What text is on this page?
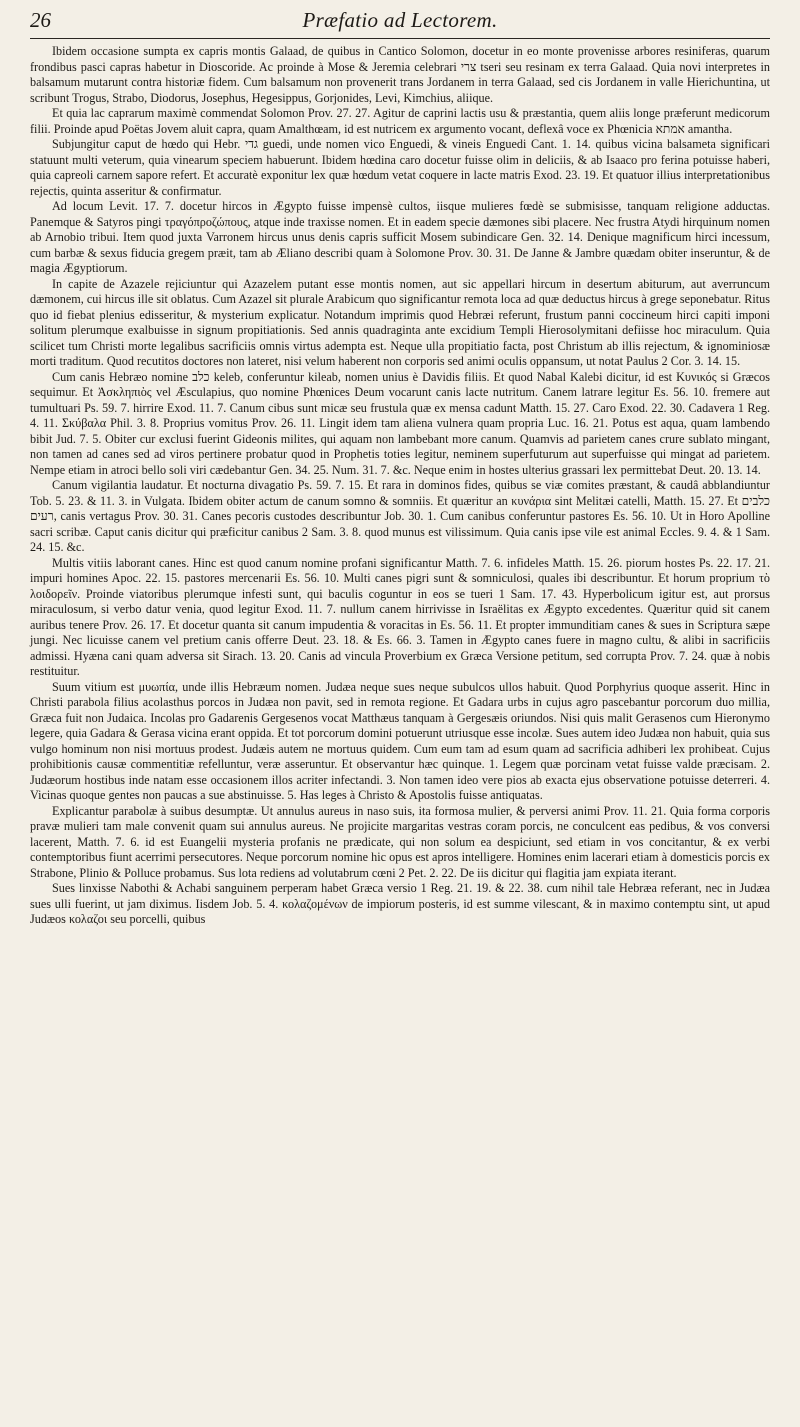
26	Præfatio ad Lectorem.

Ibidem occasione sumpta ex capris montis Galaad, de quibus in Cantico Solomon, docetur in eo monte provenisse arbores resiniferas, quarum frondibus pasci capras habetur in Dioscoride. Ac proinde à Mose & Jeremia celebrari צרי tseri seu resinam ex terra Galaad. Quia novi interpretes in balsamum mutarunt contra historiæ fidem. Cum balsamum non provenerit trans Jordanem in terra Galaad, sed cis Jordanem in valle Hierichuntina, ut scribunt Trogus, Strabo, Diodorus, Josephus, Hegesippus, Gorjonides, Levi, Kimchius, aliique.

Et quia lac caprarum maximè commendat Solomon Prov. 27. 27. Agitur de caprini lactis usu & præstantia, quem aliis longe præferunt medicorum filii. Proinde apud Poëtas Jovem aluit capra, quam Amalthœam, id est nutricem ex argumento vocant, deflexâ voce ex Phœnicia אמתא amantha.

Subjungitur caput de hœdo qui Hebr. גדי guedi, unde nomen vico Enguedi, & vineis Enguedi Cant. 1. 14. quibus vicina balsameta significari statuunt multi veterum, quia vinearum speciem habuerunt. Ibidem hœdina caro docetur fuisse olim in deliciis, & ab Isaaco pro ferina potuisse haberi, quia capreoli carnem sapore refert. Et accuratè exponitur lex quæ hœdum vetat coquere in lacte matris Exod. 23. 19. Et quatuor illius interpretationibus rejectis, quinta asseritur & confirmatur.

Ad locum Levit. 17. 7. docetur hircos in Ægypto fuisse impensè cultos, iisque mulieres fœdè se submisisse, tanquam religione adductas. Panemque & Satyros pingi τραγόπροζώπους, atque inde traxisse nomen. Et in eadem specie dæmones sibi placere. Nec frustra Atydi hirquinum nomen ab Arnobio tribui. Item quod juxta Varronem hircus unus denis capris sufficit Mosem subindicare Gen. 32. 14. Denique magnificum hirci incessum, cum barbæ & sexus fiducia gregem præit, tam ab Æliano describi quam à Solomone Prov. 30. 31. De Janne & Jambre quædam obiter inseruntur, & de magia Ægyptiorum.

In capite de Azazele rejiciuntur qui Azazelem putant esse montis nomen, aut sic appellari hircum in desertum abiturum, aut averruncum dæmonem, cui hircus ille sit oblatus. Cum Azazel sit plurale Arabicum quo significantur remota loca ad quæ deductus hircus à grege seponebatur. Ritus quo id fiebat plenius edisseritur, & mysterium explicatur. Notandum imprimis quod Hebræi referunt, frustum panni coccineum hirci capiti imponi solitum plerumque exalbuisse in signum propitiationis. Sed annis quadraginta ante excidium Templi Hierosolymitani defiisse hoc miraculum. Quia scilicet tum Christi morte legalibus sacrificiis omnis virtus adempta est. Neque ulla propitiatio facta, post Christum ab illis rejectum, & ignominiosæ morti traditum. Quod recutitos doctores non lateret, nisi velum haberent non corporis sed animi oculis oppansum, ut notat Paulus 2 Cor. 3. 14. 15.

Cum canis Hebræo nomine כלב keleb, conferuntur kileab, nomen unius è Davidis filiis. Et quod Nabal Kalebi dicitur, id est Κυνικός si Græcos sequimur. Et Ἀσκληπιὸς vel Æsculapius, quo nomine Phœnices Deum vocarunt canis lacte nutritum. Canem latrare legitur Es. 56. 10. fremere aut tumultuari Ps. 59. 7. hirrire Exod. 11. 7. Canum cibus sunt micæ seu frustula quæ ex mensa cadunt Matth. 15. 27. Caro Exod. 22. 30. Cadavera 1 Reg. 4. 11. Σκύβαλα Phil. 3. 8. Proprius vomitus Prov. 26. 11. Lingit idem tam aliena vulnera quam propria Luc. 16. 21. Potus est aqua, quam lambendo bibit Jud. 7. 5. Obiter cur exclusi fuerint Gideonis milites, qui aquam non lambebant more canum. Quamvis ad parietem canes crure sublato mingant, non tamen ad canes sed ad viros pertinere probatur quod in Prophetis toties legitur, neminem superfuturum aut superfuisse qui mingat ad parietem. Nempe etiam in atroci bello soli viri cædebantur Gen. 34. 25. Num. 31. 7. &c. Neque enim in hostes ulterius grassari lex permittebat Deut. 20. 13. 14.

Canum vigilantia laudatur. Et nocturna divagatio Ps. 59. 7. 15. Et rara in dominos fides, quibus se viæ comites præstant, & caudâ abblandiuntur Tob. 5. 23. & 11. 3. in Vulgata. Ibidem obiter actum de canum somno & somniis. Et quæritur an κυνάρια sint Melitæi catelli, Matth. 15. 27. Et כלבים רעים, canis vertagus Prov. 30. 31. Canes pecoris custodes describuntur Job. 30. 1. Cum canibus conferuntur pastores Es. 56. 10. Ut in Horo Apolline sacri scribæ. Caput canis dicitur qui præficitur canibus 2 Sam. 3. 8. quod munus est vilissimum. Quia canis ipse vile est animal Eccles. 9. 4. & 1 Sam. 24. 15. &c.

Multis vitiis laborant canes. Hinc est quod canum nomine profani significantur Matth. 7. 6. infideles Matth. 15. 26. piorum hostes Ps. 22. 17. 21. impuri homines Apoc. 22. 15. pastores mercenarii Es. 56. 10. Multi canes pigri sunt & somniculosi, quales ibi describuntur. Et horum proprium τὸ λοιδορεῖν. Proinde viatoribus plerumque infesti sunt, qui baculis coguntur in eos se tueri 1 Sam. 17. 43. Hyperbolicum igitur est, aut prorsus miraculosum, si verbo datur venia, quod legitur Exod. 11. 7. nullum canem hirrivisse in Israëlitas ex Ægypto excedentes. Quæritur quid sit canem auribus tenere Prov. 26. 17. Et docetur quanta sit canum impudentia & voracitas in Es. 56. 11. Et propter immunditiam canes & sues in Scriptura sæpe jungi. Nec licuisse canem vel pretium canis offerre Deut. 23. 18. & Es. 66. 3. Tamen in Ægypto canes fuere in magno cultu, & alibi in sacrificiis admissi. Hyæna cani quam adversa sit Sirach. 13. 20. Canis ad vincula Proverbium ex Græca Versione petitum, sed corrupta Prov. 7. 24. quæ à nobis restituitur.

Suum vitium est μυωπία, unde illis Hebræum nomen. Judæa neque sues neque subulcos ullos habuit. Quod Porphyrius quoque asserit. Hinc in Christi parabola filius acolasthus porcos in Judæa non pavit, sed in remota regione. Et Gadara urbs in cujus agro pascebantur porcorum duo millia, Græca fuit non Judaica. Incolas pro Gadarenis Gergesenos vocat Matthæus tanquam à Gergesæis oriundos. Nisi quis malit Gerasenos cum Hieronymo legere, quia Gadara & Gerasa vicina erant oppida. Et tot porcorum domini potuerunt utriusque esse incolæ. Sues autem ideo Judæa non habuit, quia sus vulgo hominum non nisi mortuus prodest. Judæis autem ne mortuus quidem. Cum eum tam ad esum quam ad sacrificia adhiberi lex prohibeat. Cujus prohibitionis causæ commentitiæ refelluntur, veræ asseruntur. Et observantur hæc quinque. 1. Legem quæ porcinam vetat fuisse valde præcisam. 2. Judæorum hostibus inde natam esse occasionem illos acriter infectandi. 3. Non tamen ideo vere pios ab exacta ejus observatione potuisse deterreri. 4. Vicinas quoque gentes non paucas a sue abstinuisse. 5. Has leges à Christo & Apostolis fuisse antiquatas.

Explicantur parabolæ à suibus desumptæ. Ut annulus aureus in naso suis, ita formosa mulier, & perversi animi Prov. 11. 21. Quia forma corporis pravæ mulieri tam male convenit quam sui annulus aureus. Ne projicite margaritas vestras coram porcis, ne conculcent eas pedibus, & vos conversi lacerent, Matth. 7. 6. id est Euangelii mysteria profanis ne prædicate, qui non solum ea despiciunt, sed etiam in vos concitantur, & ex verbi contemptoribus fiunt acerrimi persecutores. Neque porcorum nomine hic opus est apros intelligere. Homines enim lacerari etiam à domesticis porcis ex Strabone, Plinio & Polluce probamus. Sus lota rediens ad volutabrum cœni 2 Pet. 2. 22. De iis dicitur qui flagitia jam expiata iterant.

Sues linxisse Nabothi & Achabi sanguinem perperam habet Græca versio 1 Reg. 21. 19. & 22. 38. cum nihil tale Hebræa referant, nec in Judæa sues ulli fuerint, ut jam diximus. Iisdem Job. 5. 4. κολαζομένων de impiorum posteris, id est summe vilescant, & in maximo contemptu sint, ut apud Judæos κολαζοι seu porcelli, quibus
